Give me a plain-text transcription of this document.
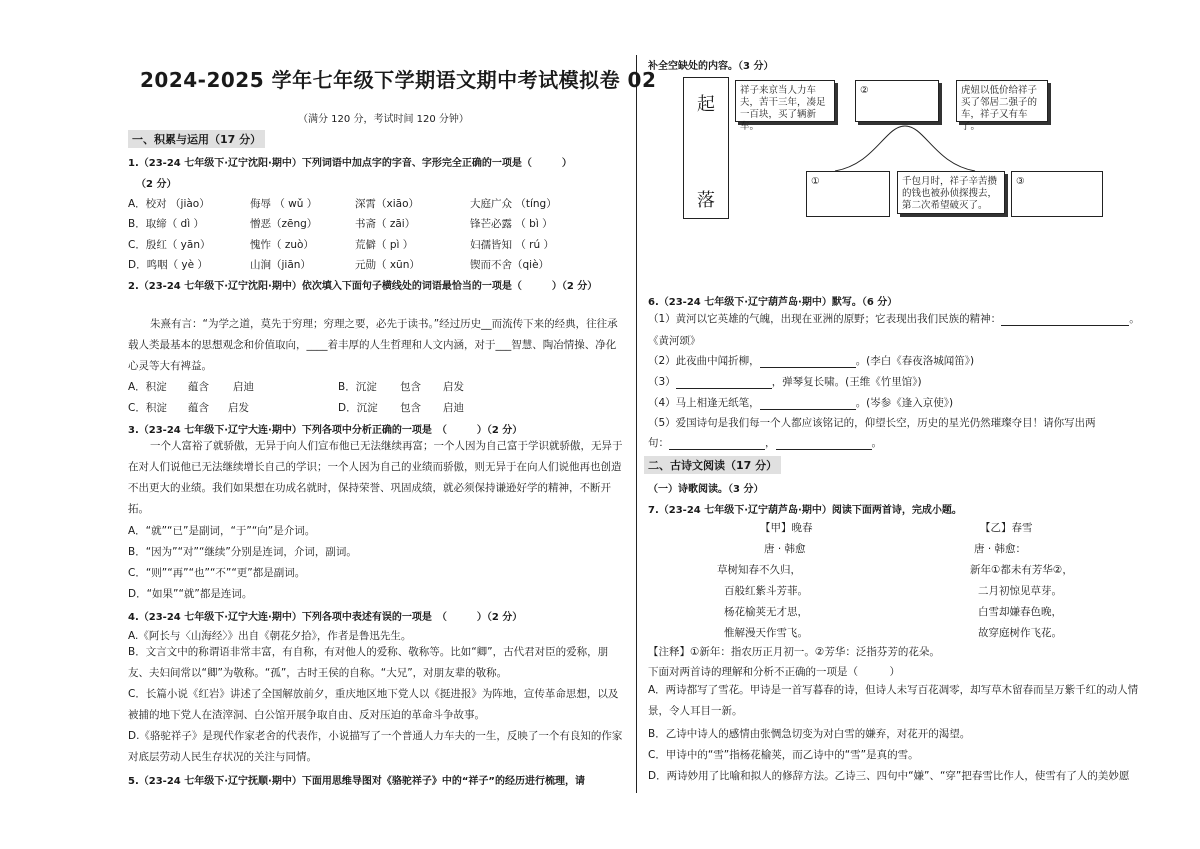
2024-2025 学年七年级下学期语文期中考试模拟卷 02
（满分 120 分，考试时间 120 分钟）
一、积累与运用（17 分）
1.（23-24 七年级下·辽宁沈阳·期中）下列词语中加点字的字音、字形完全正确的一项是（　　　）
（2 分）
A．校对 （jiào）	侮辱 （ wǔ ）	深霄（xiāo）	大庭广众 （tíng）
B．取缔（ dì ）	憎恶（zēng）	书斋（ zāi）	锋芒必露 （ bì ）
C．殷红（ yān）	愧怍（ zuò）	荒僻（ pì ）	妇孺皆知 （ rú ）
D．鸣咽（ yè ）	山涧（jiān）	元勋（ xūn）	锲而不舍（qiè）
2.（23-24 七年级下·辽宁沈阳·期中）依次填入下面句子横线处的词语最恰当的一项是（　　　）（2 分）
朱熹有言：“为学之道，莫先于穷理；穷理之要，必先于读书。”经过历史__而流传下来的经典，往往承载人类最基本的思想观念和价值取向，____着丰厚的人生哲理和人文内涵，对于___智慧、陶冶情操、净化心灵等大有裨益。
A．积淀 蕴含 启迪	B．沉淀 包含 启发
C．积淀 蕴含 启发	D．沉淀 包含 启迪
3.（23-24 七年级下·辽宁大连·期中）下列各项中分析正确的一项是　（　　　）（2 分）
一个人富裕了就骄傲，无异于向人们宣布他已无法继续再富；一个人因为自己富于学识就骄傲，无异于在对人们说他已无法继续增长自己的学识；一个人因为自己的业绩而骄傲，则无异于在向人们说他再也创造不出更大的业绩。我们如果想在功成名就时，保持荣誉、巩固成绩，就必须保持谦逊好学的精神，不断开拓。
A．“就”“已”是副词，“于”“向”是介词。
B．“因为”“对”“继续”分别是连词，介词，副词。
C．“则”“再”“也”“不”“更”都是副词。
D．“如果”“就”都是连词。
4.（23-24 七年级下·辽宁大连·期中）下列各项中表述有误的一项是　（　　　）（2 分）
A.《阿长与〈山海经〉》出自《朝花夕拾》，作者是鲁迅先生。
B．文言文中的称谓语非常丰富，有自称，有对他人的爱称、敬称等。比如“卿”，古代君对臣的爱称，朋友、夫妇间常以“卿”为敬称。“孤”，古时王侯的自称。“大兄”，对朋友辈的敬称。
C．长篇小说《红岩》讲述了全国解放前夕，重庆地区地下党人以《挺进报》为阵地，宣传革命思想，以及被捕的地下党人在渣滓洞、白公馆开展争取自由、反对压迫的革命斗争故事。
D.《骆驼祥子》是现代作家老舍的代表作，小说描写了一个普通人力车夫的一生，反映了一个有良知的作家对底层劳动人民生存状况的关注与同情。
5.（23-24 七年级下·辽宁抚顺·期中）下面用思维导图对《骆驼祥子》中的“祥子”的经历进行梳理，请
补全空缺处的内容。（3 分）
起
落
祥子来京当人力车夫，苦干三年，凑足一百块，买了辆新车。
②	虎妞以低价给祥子买了邻居二强子的车，祥子又有车了。
①	千包月时，祥子辛苦攒的钱也被孙侦探搜去，第二次希望破灭了。
③
6.（23-24 七年级下·辽宁葫芦岛·期中）默写。（6 分）
（1）黄河以它英雄的气魄，出现在亚洲的原野；它表现出我们民族的精神：	。
《黄河颂》
（2）此夜曲中闻折柳，	。(李白《春夜洛城闻笛》)
（3）	，弹琴复长啸。(王维《竹里馆》)
（4）马上相逢无纸笔，	。(岑参《逢入京使》)
（5）爱国诗句是我们每一个人都应该铭记的，仰望长空，历史的星光仍然璀璨夺目！请你写出两
句：	，	。
二、古诗文阅读（17 分）
（一）诗歌阅读。（3 分）
7.（23-24 七年级下·辽宁葫芦岛·期中）阅读下面两首诗，完成小题。
【甲】晚春
唐 · 韩愈
草树知春不久归，
百般红紫斗芳菲。
杨花榆荚无才思，
惟解漫天作雪飞。
【乙】春雪
唐 · 韩愈：
新年①都未有芳华②，
二月初惊见草芽。
白雪却嫌春色晚，
故穿庭树作飞花。
【注释】①新年：指农历正月初一。②芳华：泛指芬芳的花朵。
下面对两首诗的理解和分析不正确的一项是（　　　）
A．两诗都写了雪花。甲诗是一首写暮春的诗，但诗人未写百花凋零，却写草木留春而呈万紫千红的动人情景，令人耳目一新。
B．乙诗中诗人的感情由张惆急切变为对白雪的嫌弃，对花开的渴望。
C．甲诗中的“雪”指杨花榆荚，而乙诗中的“雪”是真的雪。
D．两诗妙用了比喻和拟人的修辞方法。乙诗三、四句中“嫌”、“穿”把春雪比作人，使雪有了人的美妙愿
